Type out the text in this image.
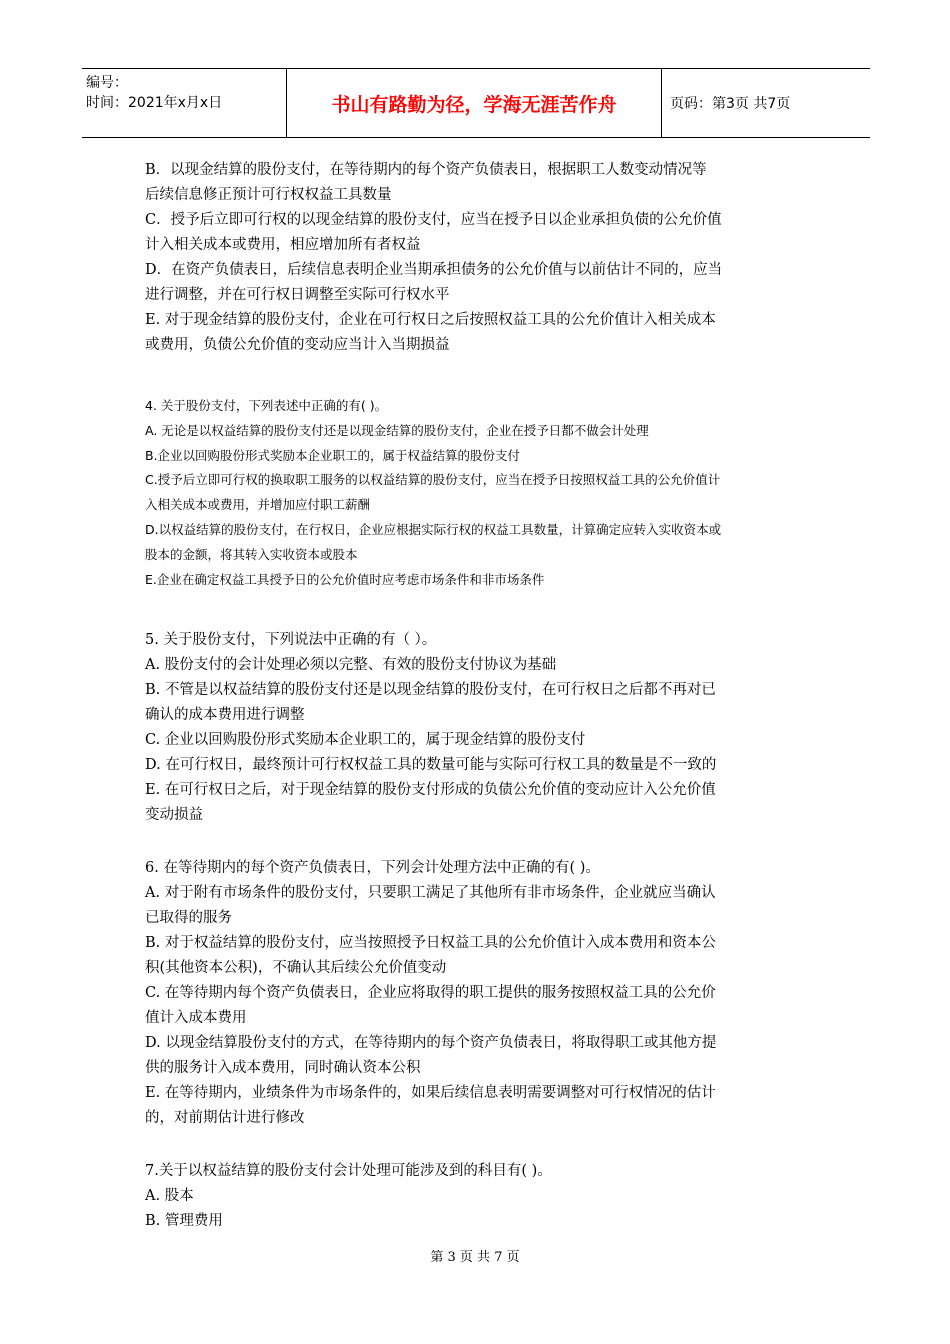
编号：
时间：2021年x月x日	书山有路勤为径，学海无涯苦作舟	页码：第3页 共7页

B．以现金结算的股份支付，在等待期内的每个资产负债表日，根据职工人数变动情况等

后续信息修正预计可行权权益工具数量

C．授予后立即可行权的以现金结算的股份支付，应当在授予日以企业承担负债的公允价值

计入相关成本或费用，相应增加所有者权益

D．在资产负债表日，后续信息表明企业当期承担债务的公允价值与以前估计不同的，应当

进行调整，并在可行权日调整至实际可行权水平

E. 对于现金结算的股份支付，企业在可行权日之后按照权益工具的公允价值计入相关成本

或费用，负债公允价值的变动应当计入当期损益

4. 关于股份支付，下列表述中正确的有( )。

A. 无论是以权益结算的股份支付还是以现金结算的股份支付，企业在授予日都不做会计处理

B.企业以回购股份形式奖励本企业职工的，属于权益结算的股份支付

C.授予后立即可行权的换取职工服务的以权益结算的股份支付，应当在授予日按照权益工具的公允价值计

入相关成本或费用，并增加应付职工薪酬

D.以权益结算的股份支付，在行权日，企业应根据实际行权的权益工具数量，计算确定应转入实收资本或

股本的金额，将其转入实收资本或股本

E.企业在确定权益工具授予日的公允价值时应考虑市场条件和非市场条件

5. 关于股份支付，下列说法中正确的有（ ）。

A. 股份支付的会计处理必须以完整、有效的股份支付协议为基础

B. 不管是以权益结算的股份支付还是以现金结算的股份支付，在可行权日之后都不再对已

确认的成本费用进行调整

C. 企业以回购股份形式奖励本企业职工的，属于现金结算的股份支付

D. 在可行权日，最终预计可行权权益工具的数量可能与实际可行权工具的数量是不一致的

E. 在可行权日之后，对于现金结算的股份支付形成的负债公允价值的变动应计入公允价值

变动损益

6. 在等待期内的每个资产负债表日，下列会计处理方法中正确的有( )。

A. 对于附有市场条件的股份支付，只要职工满足了其他所有非市场条件，企业就应当确认

已取得的服务

B. 对于权益结算的股份支付，应当按照授予日权益工具的公允价值计入成本费用和资本公

积(其他资本公积)，不确认其后续公允价值变动

C. 在等待期内每个资产负债表日，企业应将取得的职工提供的服务按照权益工具的公允价

值计入成本费用

D. 以现金结算股份支付的方式，在等待期内的每个资产负债表日，将取得职工或其他方提

供的服务计入成本费用，同时确认资本公积

E. 在等待期内，业绩条件为市场条件的，如果后续信息表明需要调整对可行权情况的估计

的，对前期估计进行修改

7.关于以权益结算的股份支付会计处理可能涉及到的科目有( )。

A. 股本

B. 管理费用

第 3 页 共 7 页
